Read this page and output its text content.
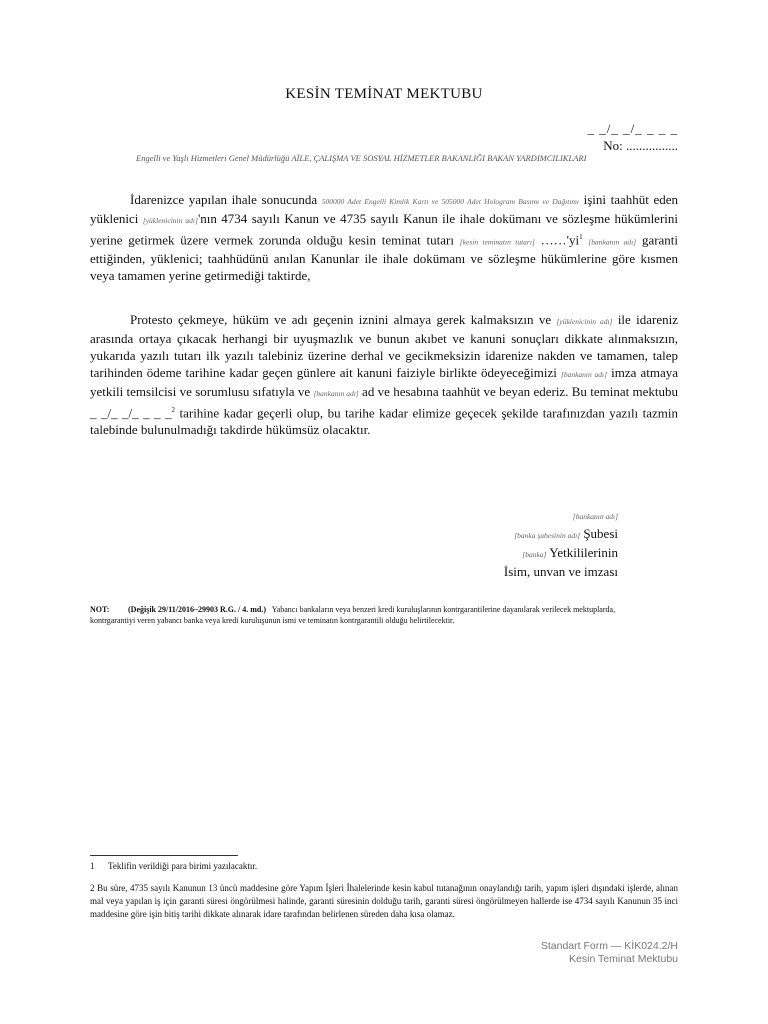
KESİN TEMİNAT MEKTUBU
_ _/_ _/_ _ _ _
No: ................
Engelli ve Yaşlı Hizmetleri Genel Müdürlüğü AİLE, ÇALIŞMA VE SOSYAL HİZMETLER BAKANLIĞI BAKAN YARDIMCILIKLARI
İdarenizce yapılan ihale sonucunda 500000 Adet Engelli Kimlik Kartı ve 505000 Adet Hologram Basımı ve Dağıtımı işini taahhüt eden yüklenici [yüklenicinin adı]'nın 4734 sayılı Kanun ve 4735 sayılı Kanun ile ihale dokümanı ve sözleşme hükümlerini yerine getirmek üzere vermek zorunda olduğu kesin teminat tutarı [kesin teminatın tutarı] $\dots\dots'yi^1$ [bankanın adı] garanti ettiğinden, yüklenici; taahhüdünü anılan Kanunlar ile ihale dokümanı ve sözleşme hükümlerine göre kısmen veya tamamen yerine getirmediği taktirde,
Protesto çekmeye, hüküm ve adı geçenin iznini almaya gerek kalmaksızın ve [yüklenicinin adı] ile idareniz arasında ortaya çıkacak herhangi bir uyuşmazlık ve bunun akıbet ve kanuni sonuçları dikkate alınmaksızın, yukarıda yazılı tutarı ilk yazılı talebiniz üzerine derhal ve gecikmeksizin idarenize nakden ve tamamen, talep tarihinden ödeme tarihine kadar geçen günlere ait kanuni faiziyle birlikte ödeyeceğimizi [bankanın adı] imza atmaya yetkili temsilcisi ve sorumlusu sıfatıyla ve [bankanın adı] ad ve hesabına taahhüt ve beyan ederiz. Bu teminat mektubu _ _/_ _/_ _ _ _$^2$ tarihine kadar geçerli olup, bu tarihe kadar elimize geçecek şekilde tarafınızdan yazılı tazmin talebinde bulunulmadığı takdirde hükümsüz olacaktır.
[bankanın adı]
[banka şubesinin adı] Şubesi
[banka] Yetkililerinin
İsim, unvan ve imzası
NOT: (Değişik 29/11/2016–29903 R.G. / 4. md.) Yabancı bankaların veya benzeri kredi kuruluşlarının kontrgarantilerine dayanılarak verilecek mektuplarda, kontrgarantiyi veren yabancı banka veya kredi kuruluşunun ismi ve teminatın kontrgarantili olduğu belirtilecektir.
1 Teklifin verildiği para birimi yazılacaktır.
2 Bu süre, 4735 sayılı Kanunun 13 üncü maddesine göre Yapım İşleri İhalelerinde kesin kabul tutanağının onaylandığı tarih, yapım işleri dışındaki işlerde, alınan mal veya yapılan iş için garanti süresi öngörülmesi halinde, garanti süresinin dolduğu tarih, garanti süresi öngörülmeyen hallerde ise 4734 sayılı Kanunun 35 inci maddesine göre işin bitiş tarihi dikkate alınarak idare tarafından belirlenen süreden daha kısa olamaz.
Standart Form — KİK024.2/H
Kesin Teminat Mektubu
